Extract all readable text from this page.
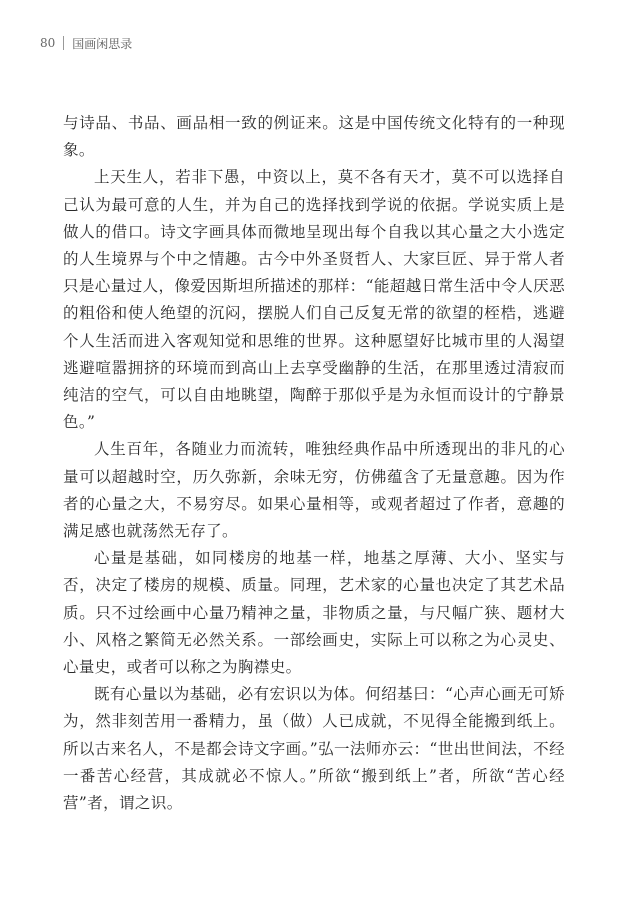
80	国画闲思录

与诗品、书品、画品相一致的例证来。这是中国传统文化特有的一种现象。

上天生人，若非下愚，中资以上，莫不各有天才，莫不可以选择自己认为最可意的人生，并为自己的选择找到学说的依据。学说实质上是做人的借口。诗文字画具体而微地呈现出每个自我以其心量之大小选定的人生境界与个中之情趣。古今中外圣贤哲人、大家巨匠、异于常人者只是心量过人，像爱因斯坦所描述的那样：“能超越日常生活中令人厌恶的粗俗和使人绝望的沉闷，摆脱人们自己反复无常的欲望的桎梏，逃避个人生活而进入客观知觉和思维的世界。这种愿望好比城市里的人渴望逃避喧嚣拥挤的环境而到高山上去享受幽静的生活，在那里透过清寂而纯洁的空气，可以自由地眺望，陶醉于那似乎是为永恒而设计的宁静景色。”

人生百年，各随业力而流转，唯独经典作品中所透现出的非凡的心量可以超越时空，历久弥新，余味无穷，仿佛蕴含了无量意趣。因为作者的心量之大，不易穷尽。如果心量相等，或观者超过了作者，意趣的满足感也就荡然无存了。

心量是基础，如同楼房的地基一样，地基之厚薄、大小、坚实与否，决定了楼房的规模、质量。同理，艺术家的心量也决定了其艺术品质。只不过绘画中心量乃精神之量，非物质之量，与尺幅广狭、题材大小、风格之繁简无必然关系。一部绘画史，实际上可以称之为心灵史、心量史，或者可以称之为胸襟史。

既有心量以为基础，必有宏识以为体。何绍基曰：“心声心画无可矫为，然非刻苦用一番精力，虽（做）人已成就，不见得全能搬到纸上。所以古来名人，不是都会诗文字画。”弘一法师亦云：“世出世间法，不经一番苦心经营，其成就必不惊人。”所欲“搬到纸上”者，所欲“苦心经营”者，谓之识。
